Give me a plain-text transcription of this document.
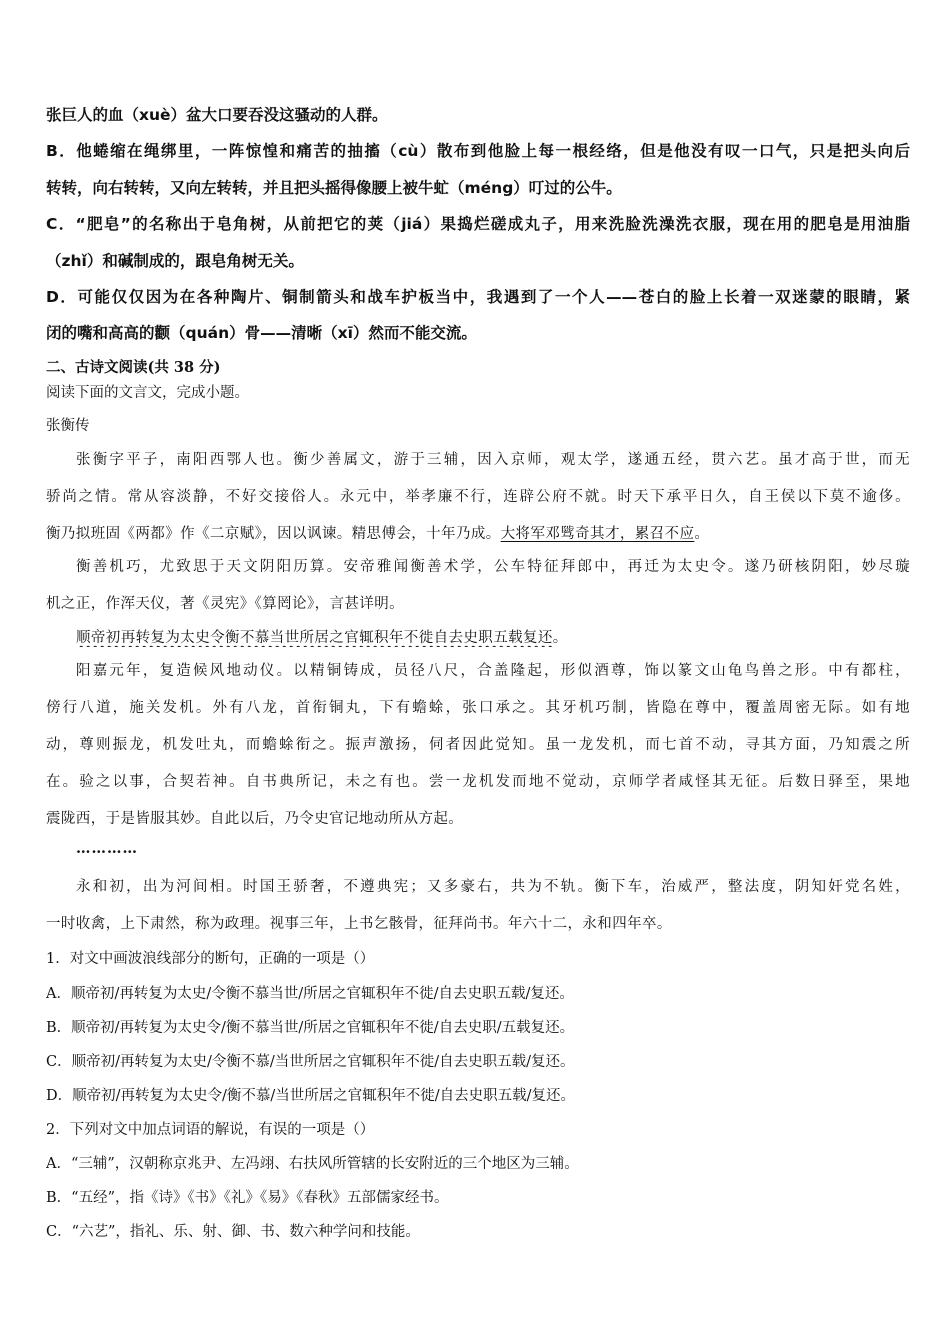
张巨人的血（xuè）盆大口要吞没这骚动的人群。
B．他蜷缩在绳绑里，一阵惊惶和痛苦的抽搐（cù）散布到他脸上每一根经络，但是他没有叹一口气，只是把头向后
转转，向右转转，又向左转转，并且把头摇得像腰上被牛虻（méng）叮过的公牛。
C．“肥皂”的名称出于皂角树，从前把它的荚（jiá）果捣烂磋成丸子，用来洗脸洗澡洗衣服，现在用的肥皂是用油脂
（zhǐ）和碱制成的，跟皂角树无关。
D．可能仅仅因为在各种陶片、铜制箭头和战车护板当中，我遇到了一个人——苍白的脸上长着一双迷蒙的眼睛，紧
闭的嘴和高高的颧（quán）骨——清晰（xī）然而不能交流。
二、古诗文阅读(共 38 分)
阅读下面的文言文，完成小题。
张衡传
张衡字平子，南阳西鄂人也。衡少善属文，游于三辅，因入京师，观太学，遂通五经，贯六艺。虽才高于世，而无
骄尚之情。常从容淡静，不好交接俗人。永元中，举孝廉不行，连辟公府不就。时天下承平日久，自王侯以下莫不逾侈。
衡乃拟班固《两都》作《二京赋》，因以讽谏。精思傅会，十年乃成。大将军邓骘奇其才，累召不应。
衡善机巧，尤致思于天文阴阳历算。安帝雅闻衡善术学，公车特征拜郎中，再迁为太史令。遂乃研核阴阳，妙尽璇
机之正，作浑天仪，著《灵宪》《算罔论》，言甚详明。
顺帝初再转复为太史令衡不慕当世所居之官辄积年不徙自去史职五载复还。
阳嘉元年，复造候风地动仪。以精铜铸成，员径八尺，合盖隆起，形似酒尊，饰以篆文山龟鸟兽之形。中有都柱，
傍行八道，施关发机。外有八龙，首衔铜丸，下有蟾蜍，张口承之。其牙机巧制，皆隐在尊中，覆盖周密无际。如有地
动，尊则振龙，机发吐丸，而蟾蜍衔之。振声激扬，伺者因此觉知。虽一龙发机，而七首不动，寻其方面，乃知震之所
在。验之以事，合契若神。自书典所记，未之有也。尝一龙机发而地不觉动，京师学者咸怪其无征。后数日驿至，果地
震陇西，于是皆服其妙。自此以后，乃令史官记地动所从方起。
…………
永和初，出为河间相。时国王骄奢，不遵典宪；又多豪右，共为不轨。衡下车，治威严，整法度，阴知奸党名姓，
一时收禽，上下肃然，称为政理。视事三年，上书乞骸骨，征拜尚书。年六十二，永和四年卒。
1．对文中画波浪线部分的断句，正确的一项是（）
A．顺帝初/再转复为太史/令衡不慕当世/所居之官辄积年不徙/自去史职五载/复还。
B．顺帝初/再转复为太史令/衡不慕当世/所居之官辄积年不徙/自去史职/五载复还。
C．顺帝初/再转复为太史/令衡不慕/当世所居之官辄积年不徙/自去史职五载/复还。
D．顺帝初/再转复为太史令/衡不慕/当世所居之官辄积年不徙/自去史职五载/复还。
2．下列对文中加点词语的解说，有误的一项是（）
A．“三辅”，汉朝称京兆尹、左冯翊、右扶风所管辖的长安附近的三个地区为三辅。
B．“五经”，指《诗》《书》《礼》《易》《春秋》五部儒家经书。
C．“六艺”，指礼、乐、射、御、书、数六种学问和技能。
